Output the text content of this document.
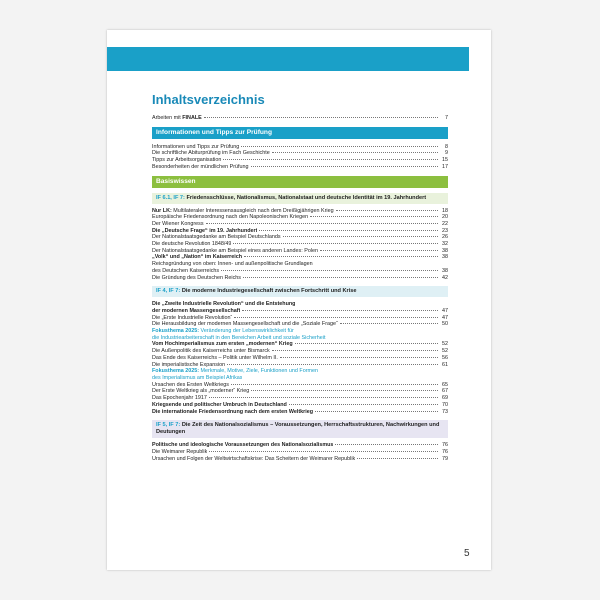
Inhaltsverzeichnis
Arbeiten mit FINALE	7
Informationen und Tipps zur Prüfung
Informationen und Tipps zur Prüfung	8
Die schriftliche Abiturprüfung im Fach Geschichte	9
Tipps zur Arbeitsorganisation	15
Besonderheiten der mündlichen Prüfung	17
Basiswissen
IF 6.1, IF 7: Friedensschlüsse, Nationalismus, Nationalstaat und deutsche Identität im 19. Jahrhundert
Nur LK: Multilateraler Interessensausgleich nach dem Dreißigjährigen Krieg	18
Europäische Friedensordnung nach den Napoleonischen Kriegen	20
Der Wiener Kongress	22
Die „Deutsche Frage“ im 19. Jahrhundert	23
Der Nationalstaatsgedanke am Beispiel Deutschlands	26
Die deutsche Revolution 1848/49	32
Der Nationalstaatsgedanke am Beispiel eines anderen Landes: Polen	38
„Volk“ und „Nation“ im Kaiserreich	38
Reichsgründung von oben: Innen- und außenpolitische Grundlagen
des Deutschen Kaiserreichs	38
Die Gründung des Deutschen Reichs	42
IF 4, IF 7: Die moderne Industriegesellschaft zwischen Fortschritt und Krise
Die „Zweite Industrielle Revolution“ und die Entstehung
der modernen Massengesellschaft	47
Die „Erste Industrielle Revolution“	47
Die Herausbildung der modernen Massengesellschaft und die „Soziale Frage“	50
Fokusthema 2025: Veränderung der Lebenswirklichkeit für
die Industriearbeiterschaft in den Bereichen Arbeit und soziale Sicherheit
Vom Hochimperialismus zum ersten „modernen“ Krieg	52
Die Außenpolitik des Kaiserreichs unter Bismarck	52
Das Ende des Kaiserreichs – Politik unter Wilhelm II.	56
Die imperialistische Expansion	61
Fokusthema 2025: Merkmale, Motive, Ziele, Funktionen und Formen
des Imperialismus am Beispiel Afrikas
Ursachen des Ersten Weltkriegs	65
Der Erste Weltkrieg als „moderner“ Krieg	67
Das Epochenjahr 1917	69
Kriegsende und politischer Umbruch in Deutschland	70
Die internationale Friedensordnung nach dem ersten Weltkrieg	73
IF 5, IF 7: Die Zeit des Nationalsozialismus – Voraussetzungen, Herrschaftsstrukturen, Nachwirkungen und Deutungen
Politische und ideologische Voraussetzungen des Nationalsozialismus	76
Die Weimarer Republik	76
Ursachen und Folgen der Weltwirtschaftskrise: Das Scheitern der Weimarer Republik	79
5
